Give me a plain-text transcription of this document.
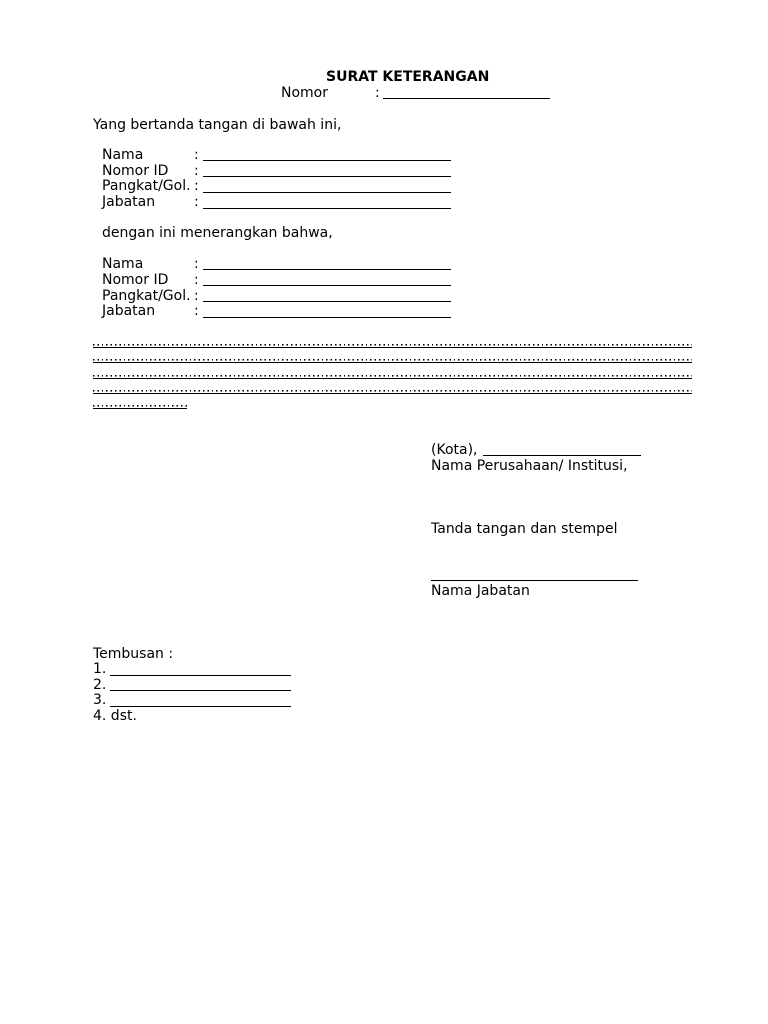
SURAT KETERANGAN
Nomor	:
Yang bertanda tangan di bawah ini,
Nama	:
Nomor ID :
Pangkat/Gol. :
Jabatan	:
dengan ini menerangkan bahwa,
Nama	:
Nomor ID :
Pangkat/Gol. :
Jabatan	:
(Kota),
Nama Perusahaan/ Institusi,
Tanda tangan dan stempel
Nama Jabatan
Tembusan :
1.
2.
3.
4. dst.
